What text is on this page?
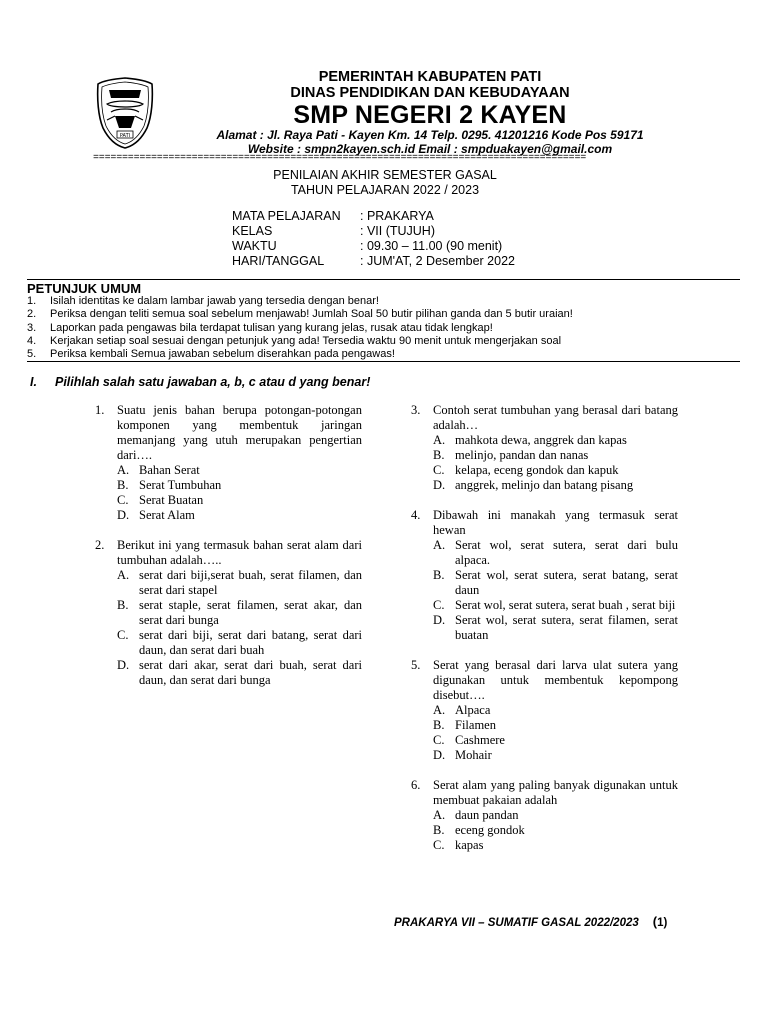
PATI
PEMERINTAH KABUPATEN PATI
DINAS PENDIDIKAN DAN KEBUDAYAAN
SMP NEGERI 2 KAYEN
Alamat : Jl. Raya Pati - Kayen Km. 14 Telp. 0295. 41201216 Kode Pos 59171
Website : smpn2kayen.sch.id Email : smpduakayen@gmail.com
=====================================================================================
PENILAIAN AKHIR SEMESTER GASAL
TAHUN PELAJARAN 2022 / 2023
MATA PELAJARAN	: PRAKARYA
KELAS	: VII (TUJUH)
WAKTU	: 09.30 – 11.00 (90 menit)
HARI/TANGGAL	: JUM'AT, 2 Desember 2022
PETUNJUK UMUM
1.	Isilah identitas ke dalam lambar jawab yang tersedia dengan benar!
2.	Periksa dengan teliti semua soal sebelum menjawab! Jumlah Soal 50 butir pilihan ganda dan 5 butir uraian!
3.	Laporkan pada pengawas bila terdapat tulisan yang kurang jelas, rusak atau tidak lengkap!
4.	Kerjakan setiap soal sesuai dengan petunjuk yang ada! Tersedia waktu 90 menit untuk mengerjakan soal
5.	Periksa kembali Semua jawaban sebelum diserahkan pada pengawas!
I. Pilihlah salah satu jawaban a, b, c atau d yang benar!
1.	Suatu jenis bahan berupa potongan-potongan komponen yang membentuk jaringan memanjang yang utuh merupakan pengertian dari….
A. Bahan Serat
B. Serat Tumbuhan
C. Serat Buatan
D. Serat Alam
2.	Berikut ini yang termasuk bahan serat alam dari tumbuhan adalah…..
A. serat dari biji,serat buah, serat filamen, dan serat dari stapel
B. serat staple, serat filamen, serat akar, dan serat dari bunga
C. serat dari biji, serat dari batang, serat dari daun, dan serat dari buah
D. serat dari akar, serat dari buah, serat dari daun, dan serat dari bunga
3.	Contoh serat tumbuhan yang berasal dari batang adalah…
A. mahkota dewa, anggrek dan kapas
B. melinjo, pandan dan nanas
C. kelapa, eceng gondok dan kapuk
D. anggrek, melinjo dan batang pisang
4.	Dibawah ini manakah yang termasuk serat hewan
A. Serat wol, serat sutera, serat dari bulu alpaca.
B. Serat wol, serat sutera, serat batang, serat daun
C. Serat wol, serat sutera, serat buah , serat biji
D. Serat wol, serat sutera, serat filamen, serat buatan
5.	Serat yang berasal dari larva ulat sutera yang digunakan untuk membentuk kepompong disebut….
A. Alpaca
B. Filamen
C. Cashmere
D. Mohair
6.	Serat alam yang paling banyak digunakan untuk membuat pakaian adalah
A. daun pandan
B. eceng gondok
C. kapas
PRAKARYA VII – SUMATIF GASAL 2022/2023 (1)
